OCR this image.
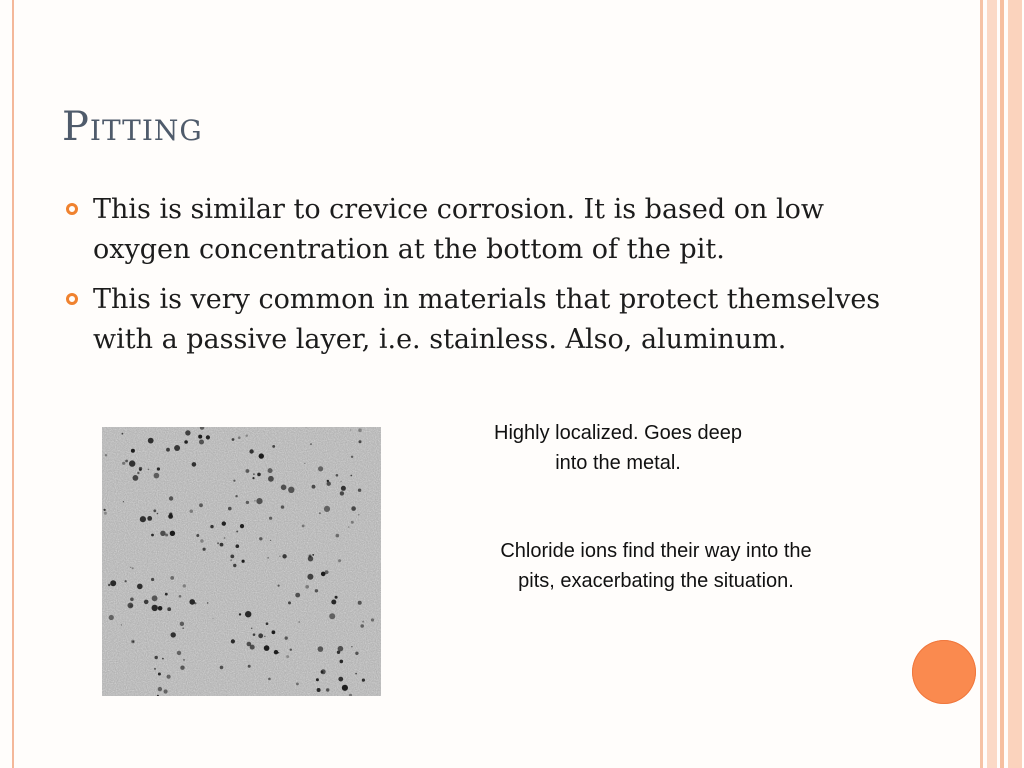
Pitting
This is similar to crevice corrosion. It is based on low oxygen concentration at the bottom of the pit.
This is very common in materials that protect themselves with a passive layer, i.e. stainless. Also, aluminum.
Highly localized. Goes deep into the metal.
Chloride ions find their way into the pits, exacerbating the situation.
